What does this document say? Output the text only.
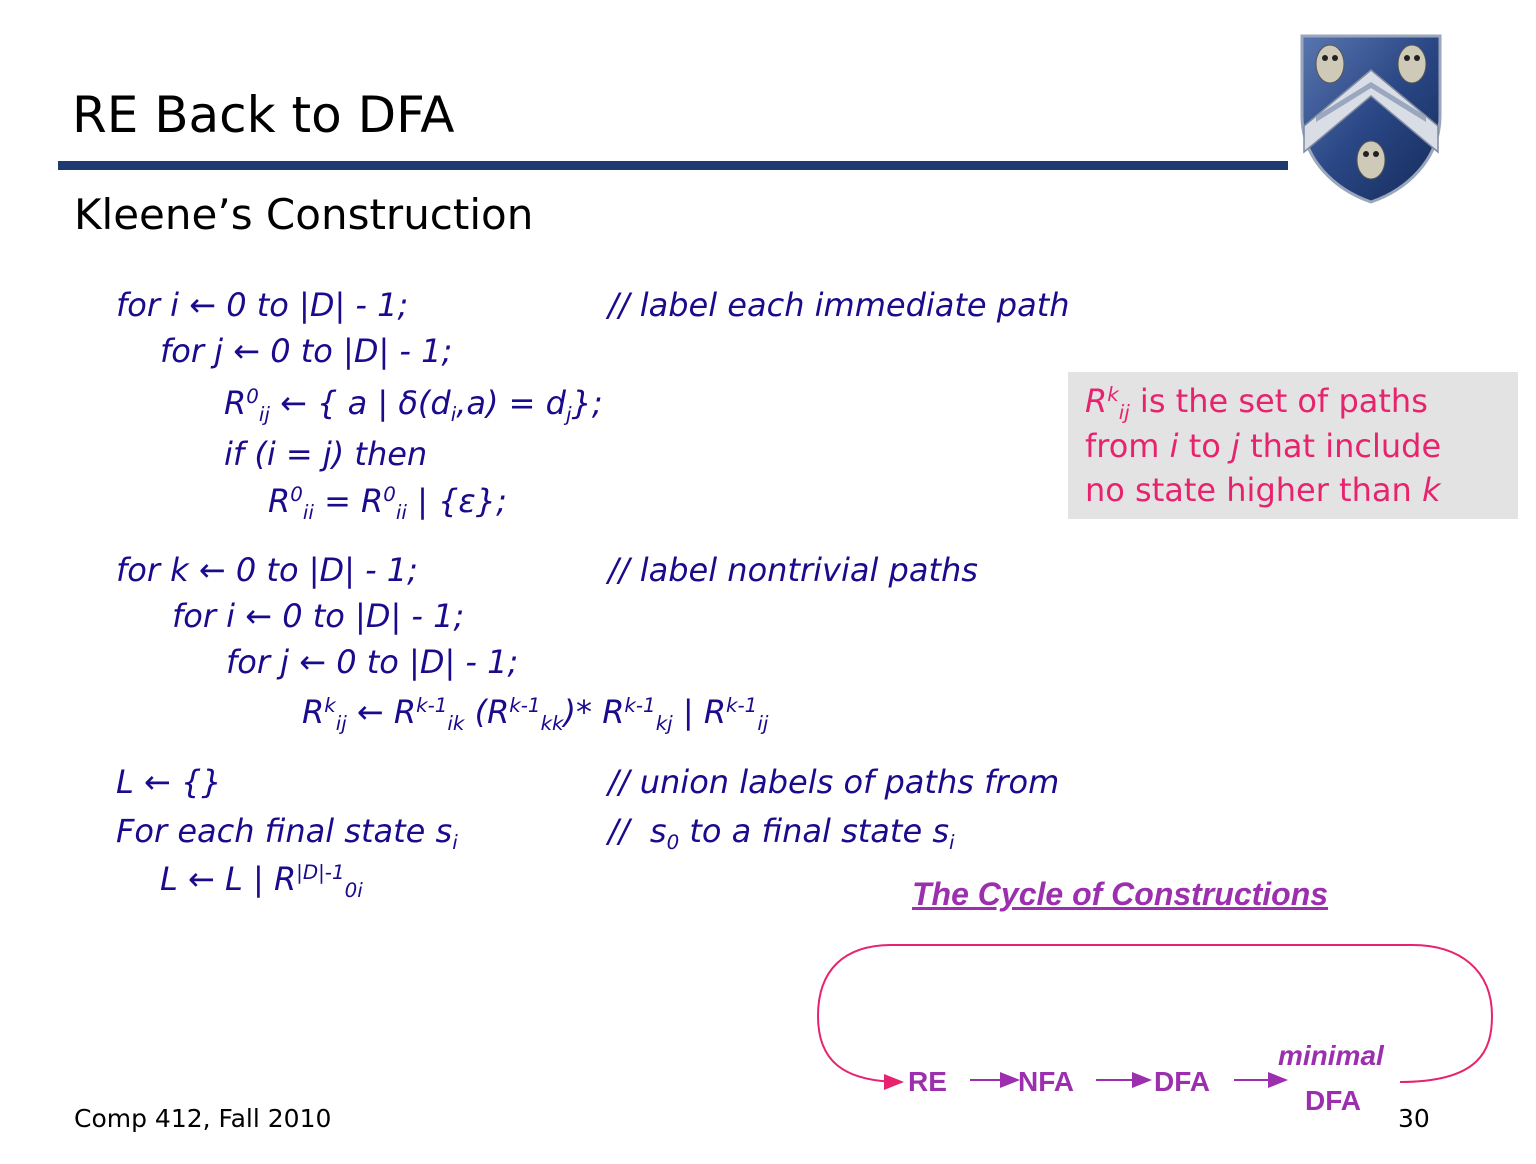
RE Back to DFA
Kleene’s Construction
for i ← 0 to |D| - 1;	// label each immediate path
for j ← 0 to |D| - 1;
$R^0_{ij}$ ← { a | $\delta(d_i,a) = d_j$};
if (i = j) then
$R^0_{ii} = R^0_{ii}$ | {ε};
for k ← 0 to |D| - 1;	// label nontrivial paths
for i ← 0 to |D| - 1;
for j ← 0 to |D| - 1;
$R^k_{ij}$ ← $R^{k-1}_{ik}$ $(R^{k-1}_{kk})*$ $R^{k-1}_{kj}$ | $R^{k-1}_{ij}$
L ← {}	// union labels of paths from
For each final state $s_i$	//  $s_0$ to a final state $s_i$
L ← L | $R^{|D|-1}_{0i}$
$R^k_{ij}$ is the set of paths
from i to j that include
no state higher than k
The Cycle of Constructions
RE	NFA	DFA
minimal
DFA
Comp 412, Fall 2010	30
